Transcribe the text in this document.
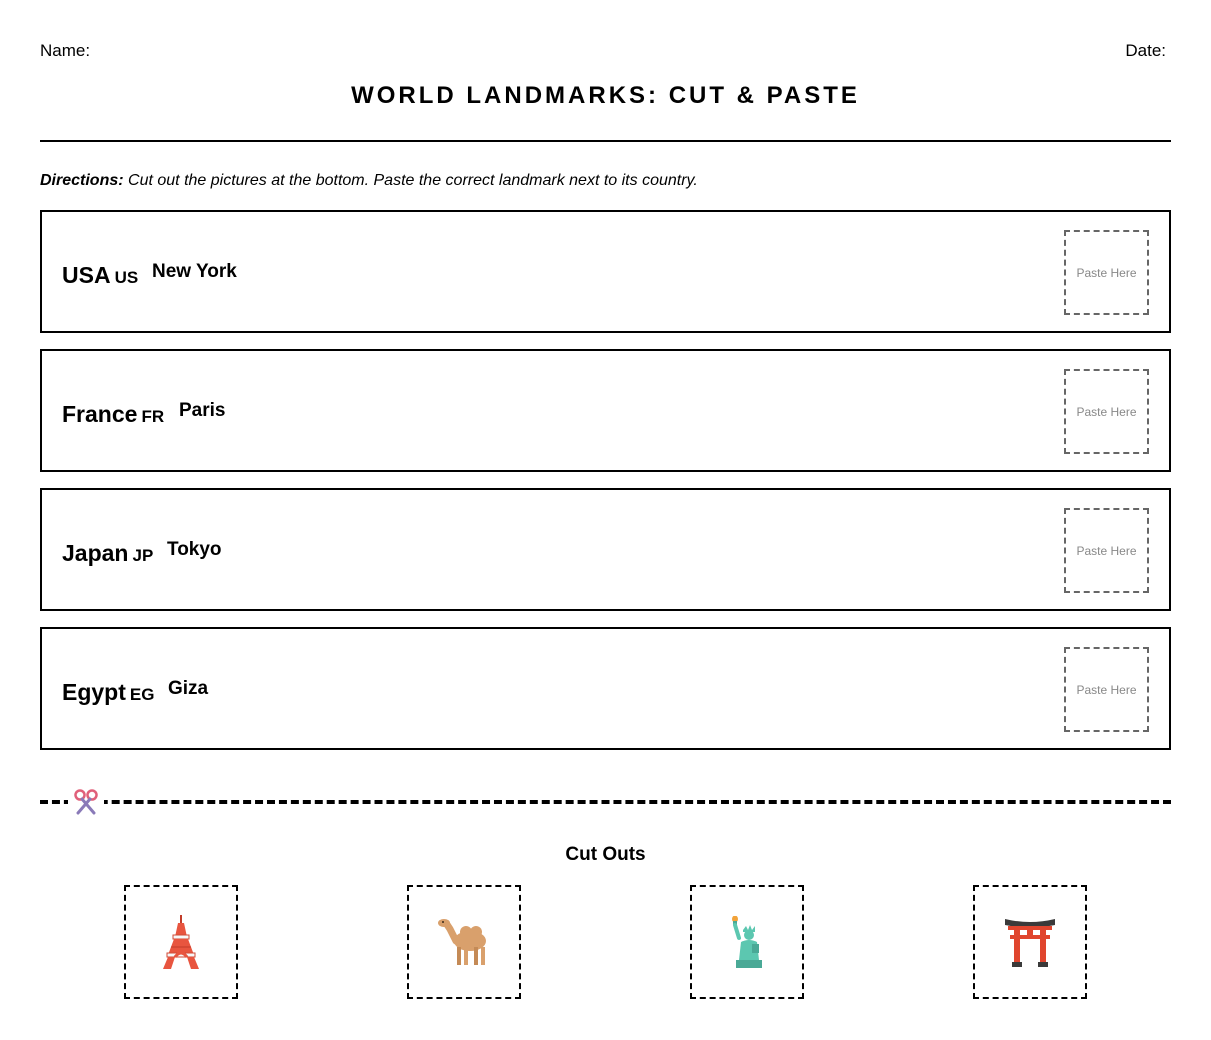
Name:	Date:
WORLD LANDMARKS: CUT & PASTE
Directions: Cut out the pictures at the bottom. Paste the correct landmark next to its country.
USA US New York	Paste Here
France FR Paris	Paste Here
Japan JP Tokyo	Paste Here
Egypt EG Giza	Paste Here
Cut Outs
